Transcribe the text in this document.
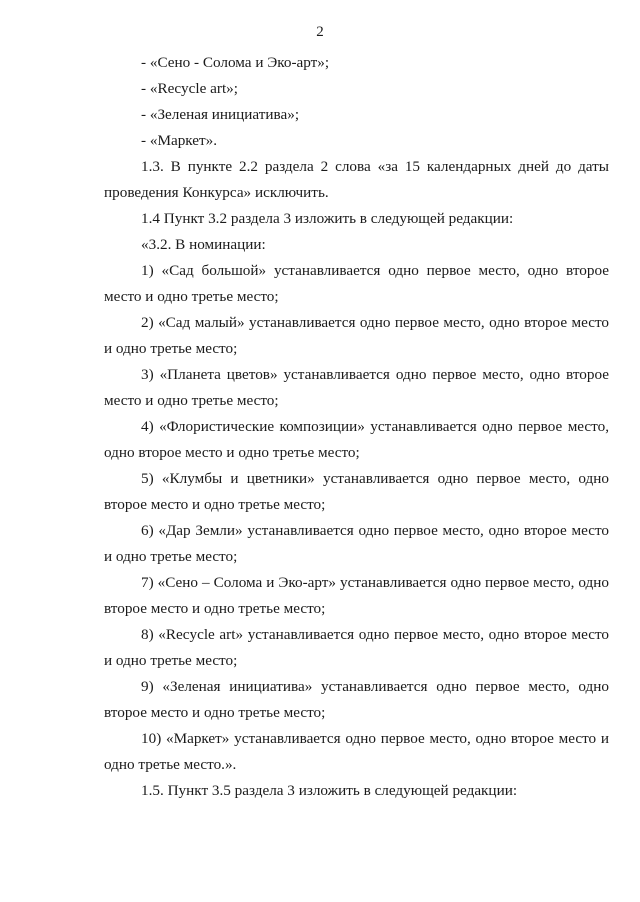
2

- «Сено - Солома и Эко-арт»;

- «Recycle art»;

- «Зеленая инициатива»;

- «Маркет».

1.3. В пункте 2.2 раздела 2 слова «за 15 календарных дней до даты проведения Конкурса» исключить.

1.4 Пункт 3.2 раздела 3 изложить в следующей редакции:

«3.2. В номинации:

1) «Сад большой» устанавливается одно первое место, одно второе место и одно третье место;

2) «Сад малый» устанавливается одно первое место, одно второе место и одно третье место;

3) «Планета цветов» устанавливается одно первое место, одно второе место и одно третье место;

4) «Флористические композиции» устанавливается одно первое место, одно второе место и одно третье место;

5) «Клумбы и цветники» устанавливается одно первое место, одно второе место и одно третье место;

6) «Дар Земли» устанавливается одно первое место, одно второе место и одно третье место;

7) «Сено – Солома и Эко-арт» устанавливается одно первое место, одно второе место и одно третье место;

8) «Recycle art» устанавливается одно первое место, одно второе место и одно третье место;

9) «Зеленая инициатива» устанавливается одно первое место, одно второе место и одно третье место;

10) «Маркет» устанавливается одно первое место, одно второе место и одно третье место.».

1.5. Пункт 3.5 раздела 3 изложить в следующей редакции:
